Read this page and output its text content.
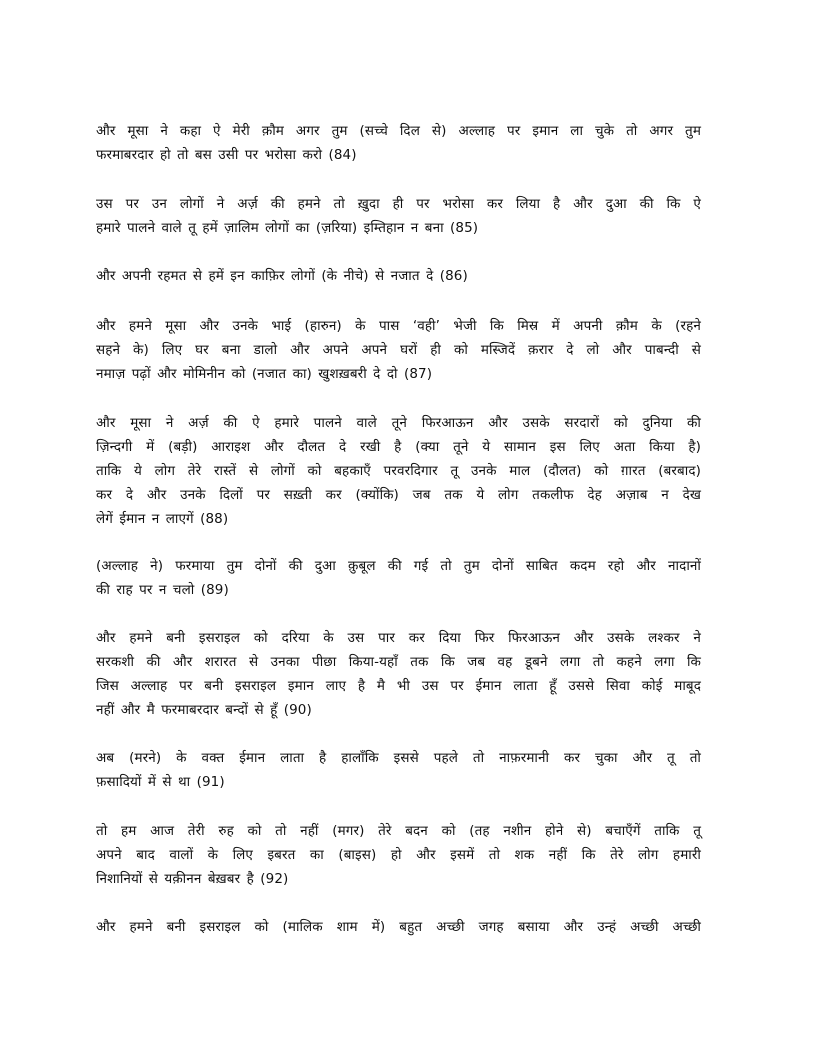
और मूसा ने कहा ऐ मेरी क़ौम अगर तुम (सच्चे दिल से) अल्लाह पर इमान ला चुके तो अगर तुम
फरमाबरदार हो तो बस उसी पर भरोसा करो (84)
उस पर उन लोगों ने अर्ज़ की हमने तो ख़ुदा ही पर भरोसा कर लिया है और दुआ की कि ऐ
हमारे पालने वाले तू हमें ज़ालिम लोगों का (ज़रिया) इम्तिहान न बना (85)
और अपनी रहमत से हमें इन काफ़िर लोगों (के नीचे) से नजात दे (86)
और हमने मूसा और उनके भाई (हारुन) के पास ‘वही’ भेजी कि मिस्र में अपनी क़ौम के (रहने
सहने के) लिए घर बना डालो और अपने अपने घरों ही को मस्जिदें क़रार दे लो और पाबन्दी से
नमाज़ पढ़ों और मोमिनीन को (नजात का) खुशख़बरी दे दो (87)
और मूसा ने अर्ज़ की ऐ हमारे पालने वाले तूने फिरआऊन और उसके सरदारों को दुनिया की
ज़िन्दगी में (बड़ी) आराइश और दौलत दे रखी है (क्या तूने ये सामान इस लिए अता किया है)
ताकि ये लोग तेरे रास्तें से लोगों को बहकाएँ परवरदिगार तू उनके माल (दौलत) को ग़ारत (बरबाद)
कर दे और उनके दिलों पर सख़्ती कर (क्योंकि) जब तक ये लोग तकलीफ देह अज़ाब न देख
लेगें ईमान न लाएगें (88)
(अल्लाह ने) फरमाया तुम दोनों की दुआ क़ुबूल की गई तो तुम दोनों साबित कदम रहो और नादानों
की राह पर न चलो (89)
और हमने बनी इसराइल को दरिया के उस पार कर दिया फिर फिरआऊन और उसके लश्कर ने
सरकशी की और शरारत से उनका पीछा किया-यहाँ तक कि जब वह डूबने लगा तो कहने लगा कि
जिस अल्लाह पर बनी इसराइल इमान लाए है मै भी उस पर ईमान लाता हूँ उससे सिवा कोई माबूद
नहीं और मै फरमाबरदार बन्दों से हूँ (90)
अब (मरने) के वक्त ईमान लाता है हालाँकि इससे पहले तो नाफ़रमानी कर चुका और तू तो
फ़सादियों में से था (91)
तो हम आज तेरी रुह को तो नहीं (मगर) तेरे बदन को (तह नशीन होने से) बचाएँगें ताकि तू
अपने बाद वालों के लिए इबरत का (बाइस) हो और इसमें तो शक नहीं कि तेरे लोग हमारी
निशानियों से यक़ीनन बेख़बर है (92)
और हमने बनी इसराइल को (मालिक शाम में) बहुत अच्छी जगह बसाया और उन्हं अच्छी अच्छी
